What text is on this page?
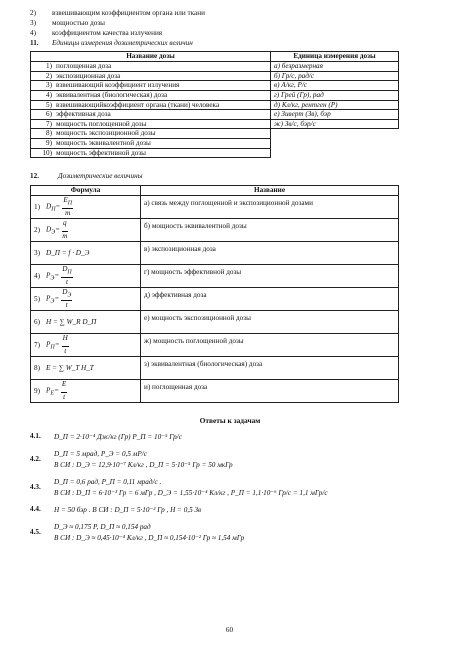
2)	взвешивающим коэффициентом органа или ткани
3)	мощностью дозы
4)	коэффициентом качества излучения
11.	Единицы измерения дозиметрических величин
Название дозы	Единица измерения дозы
1) поглощенная доза	а) безразмерная
2) экспозиционная доза	б) Гр/с, рад/с
3) взвешивающий коэффициент излучения	в) А/кг, Р/с
4) эквивалентная (биологическая) доза	г) Грей (Гр), рад
5) взвешивающийкоэффициент органа (ткани) человека	д) Кл/кг, рентген (Р)
6) эффективная доза	е) Зиверт (Зв), бэр
7) мощность поглощенной дозы	ж) Зв/с, бэр/с
8) мощность экспозиционной дозы	
9) мощность эквивалентной дозы	
10) мощность эффективной дозы	
12.	Дозиметрические величины
Формула	Название
1) $D_П= \frac{E_П}{m}$	а) связь между поглощенной и экспозиционной дозами
2) $D_Э= \frac{q}{m}$	б) мощность эквивалентной дозы
3) D_П = f · D_Э	в) экспозиционная доза
4) $P_Э= \frac{D_П}{t}$	г) мощность эффективной дозы
5) $P_Э= \frac{D_Э}{t}$	д) эффективная доза
6) H = ∑ W_R D_П	е) мощность экспозиционной дозы
7) $P_П= \frac{H}{t}$	ж) мощность поглощенной дозы
8) E = ∑ W_T H_T	з) эквивалентная (биологическая) доза
9) $P_E= \frac{E}{t}$	и) поглощенная доза
Ответы к задачам
4.1.	D_П = 2·10⁻⁴ Дж/кг (Гр) P_П = 10⁻⁵ Гр/с
4.2.
D_П = 5 мрад, P_Э = 0,5 мР/с
В СИ : D_Э = 12,9·10⁻⁷ Кл/кг , D_П = 5·10⁻⁵ Гр = 50 мкГр
4.3.
D_П = 0,6 рад, P_П = 0,11 мрад/с .
В СИ : D_П = 6·10⁻³ Гр = 6 мГр , D_Э = 1,55·10⁻⁴ Кл/кг , P_П = 1,1·10⁻⁶ Гр/с = 1,1 мГр/с
4.4.	H = 50 бэр . В СИ : D_П = 5·10⁻² Гр , H = 0,5 Зв
4.5.
D_Э ≈ 0,175 Р, D_П ≈ 0,154 рад
В СИ : D_Э ≈ 0,45·10⁻⁴ Кл/кг , D_П ≈ 0,154·10⁻² Гр ≈ 1,54 мГр
60
